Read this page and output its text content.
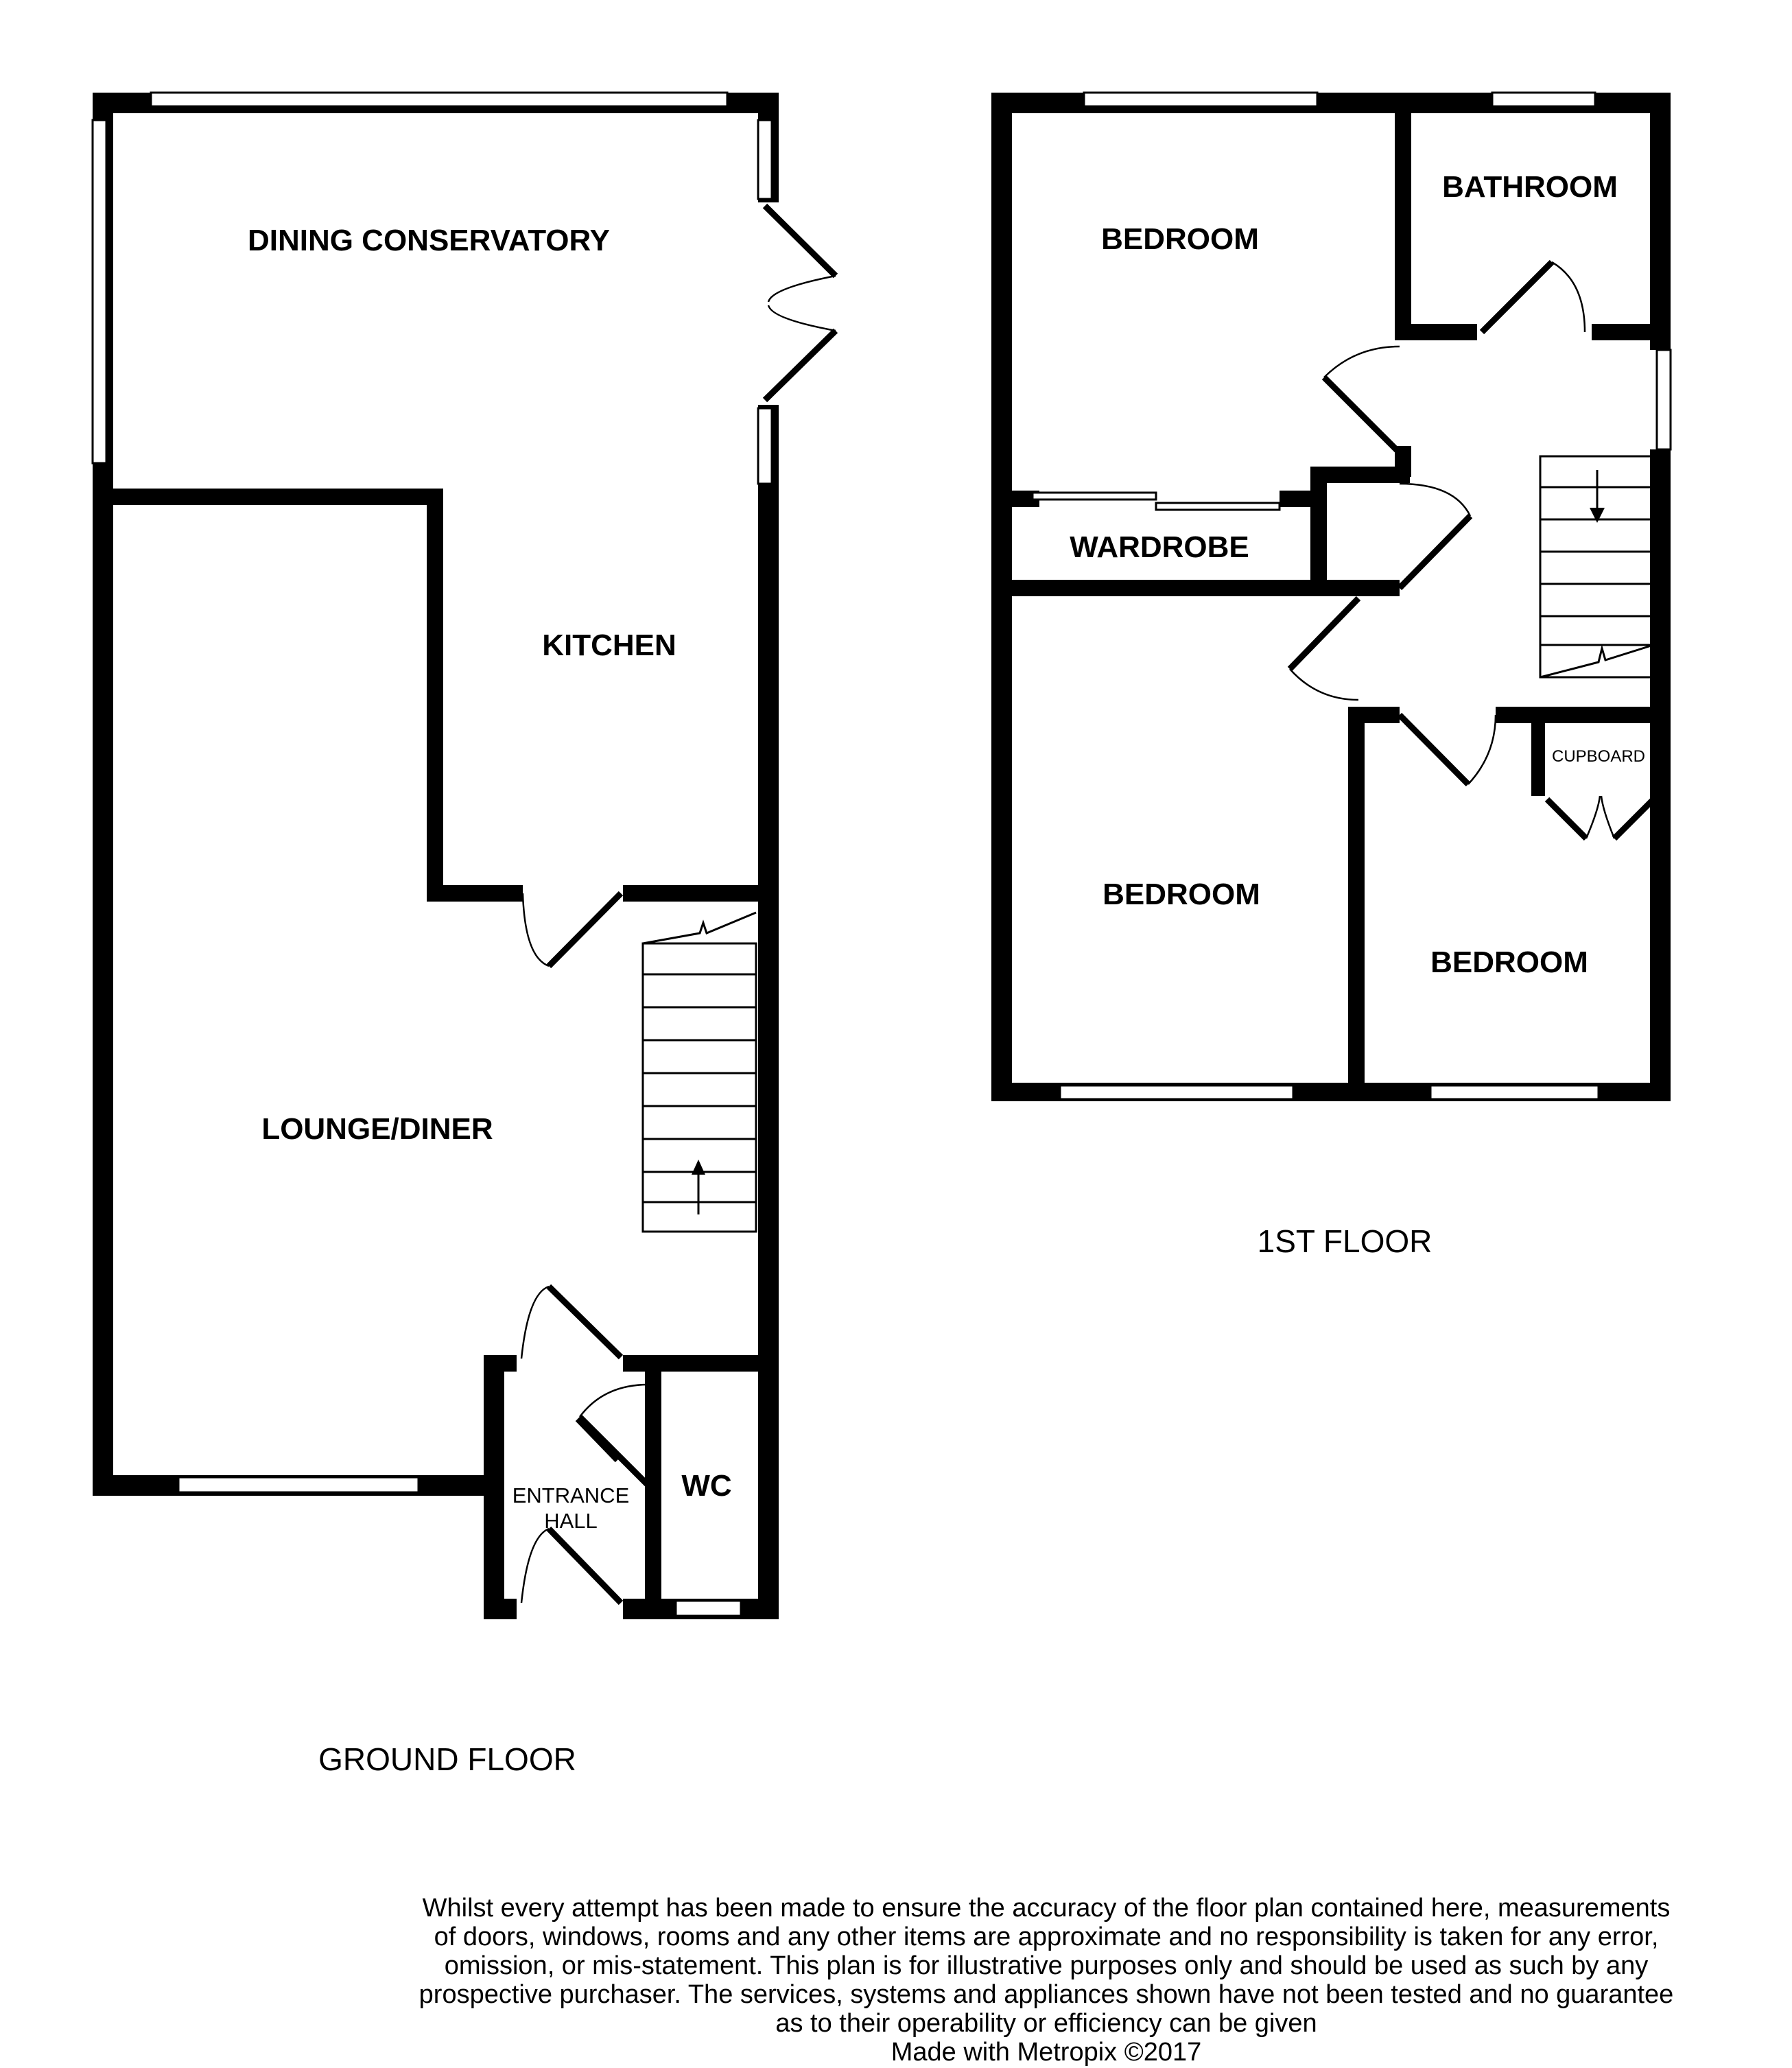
DINING CONSERVATORY
KITCHEN
LOUNGE/DINER
ENTRANCE
HALL
WC
GROUND FLOOR
BEDROOM
BATHROOM
WARDROBE
BEDROOM
BEDROOM
CUPBOARD
1ST FLOOR
Whilst every attempt has been made to ensure the accuracy of the floor plan contained here, measurements
of doors, windows, rooms and any other items are approximate and no responsibility is taken for any error,
omission, or mis-statement. This plan is for illustrative purposes only and should be used as such by any
prospective purchaser. The services, systems and appliances shown have not been tested and no guarantee
as to their operability or efficiency can be given
Made with Metropix ©2017
